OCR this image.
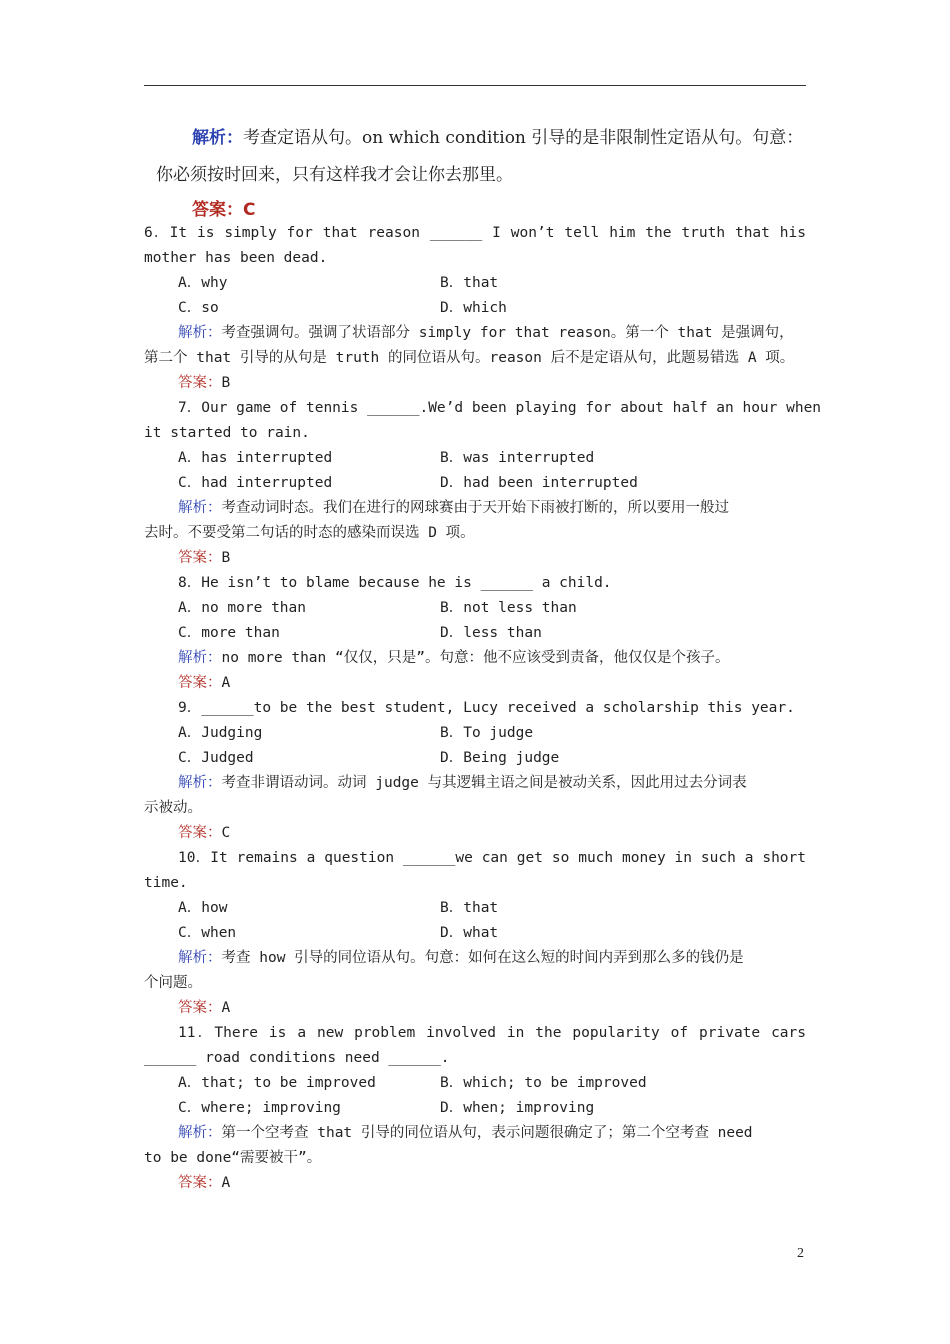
解析：考查定语从句。on which condition 引导的是非限制性定语从句。句意：
你必须按时回来，只有这样我才会让你去那里。
答案：C
6．It is simply for that reason ______ I won’t tell him the truth that his
mother has been dead.
A．why	B．that
C．so	D．which
解析：考查强调句。强调了状语部分 simply for that reason。第一个 that 是强调句，
第二个 that 引导的从句是 truth 的同位语从句。reason 后不是定语从句，此题易错选 A 项。
答案：B
7．Our game of tennis ______.We’d been playing for about half an hour when
it started to rain.
A．has interrupted	B．was interrupted
C．had interrupted	D．had been interrupted
解析：考查动词时态。我们在进行的网球赛由于天开始下雨被打断的，所以要用一般过
去时。不要受第二句话的时态的感染而误选 D 项。
答案：B
8．He isn’t to blame because he is ______ a child.
A．no more than	B．not less than
C．more than	D．less than
解析：no more than “仅仅，只是”。句意：他不应该受到责备，他仅仅是个孩子。
答案：A
9．______to be the best student, Lucy received a scholarship this year.
A．Judging	B．To judge
C．Judged	D．Being judge
解析：考查非谓语动词。动词 judge 与其逻辑主语之间是被动关系，因此用过去分词表
示被动。
答案：C
10．It remains a question ______we can get so much money in such a short
time.
A．how	B．that
C．when	D．what
解析：考查 how 引导的同位语从句。句意：如何在这么短的时间内弄到那么多的钱仍是
个问题。
答案：A
11．There is a new problem involved in the popularity of private cars
______ road conditions need ______.
A．that; to be improved	B．which; to be improved
C．where; improving	D．when; improving
解析：第一个空考查 that 引导的同位语从句，表示问题很确定了；第二个空考查 need
to be done“需要被干”。
答案：A
2
